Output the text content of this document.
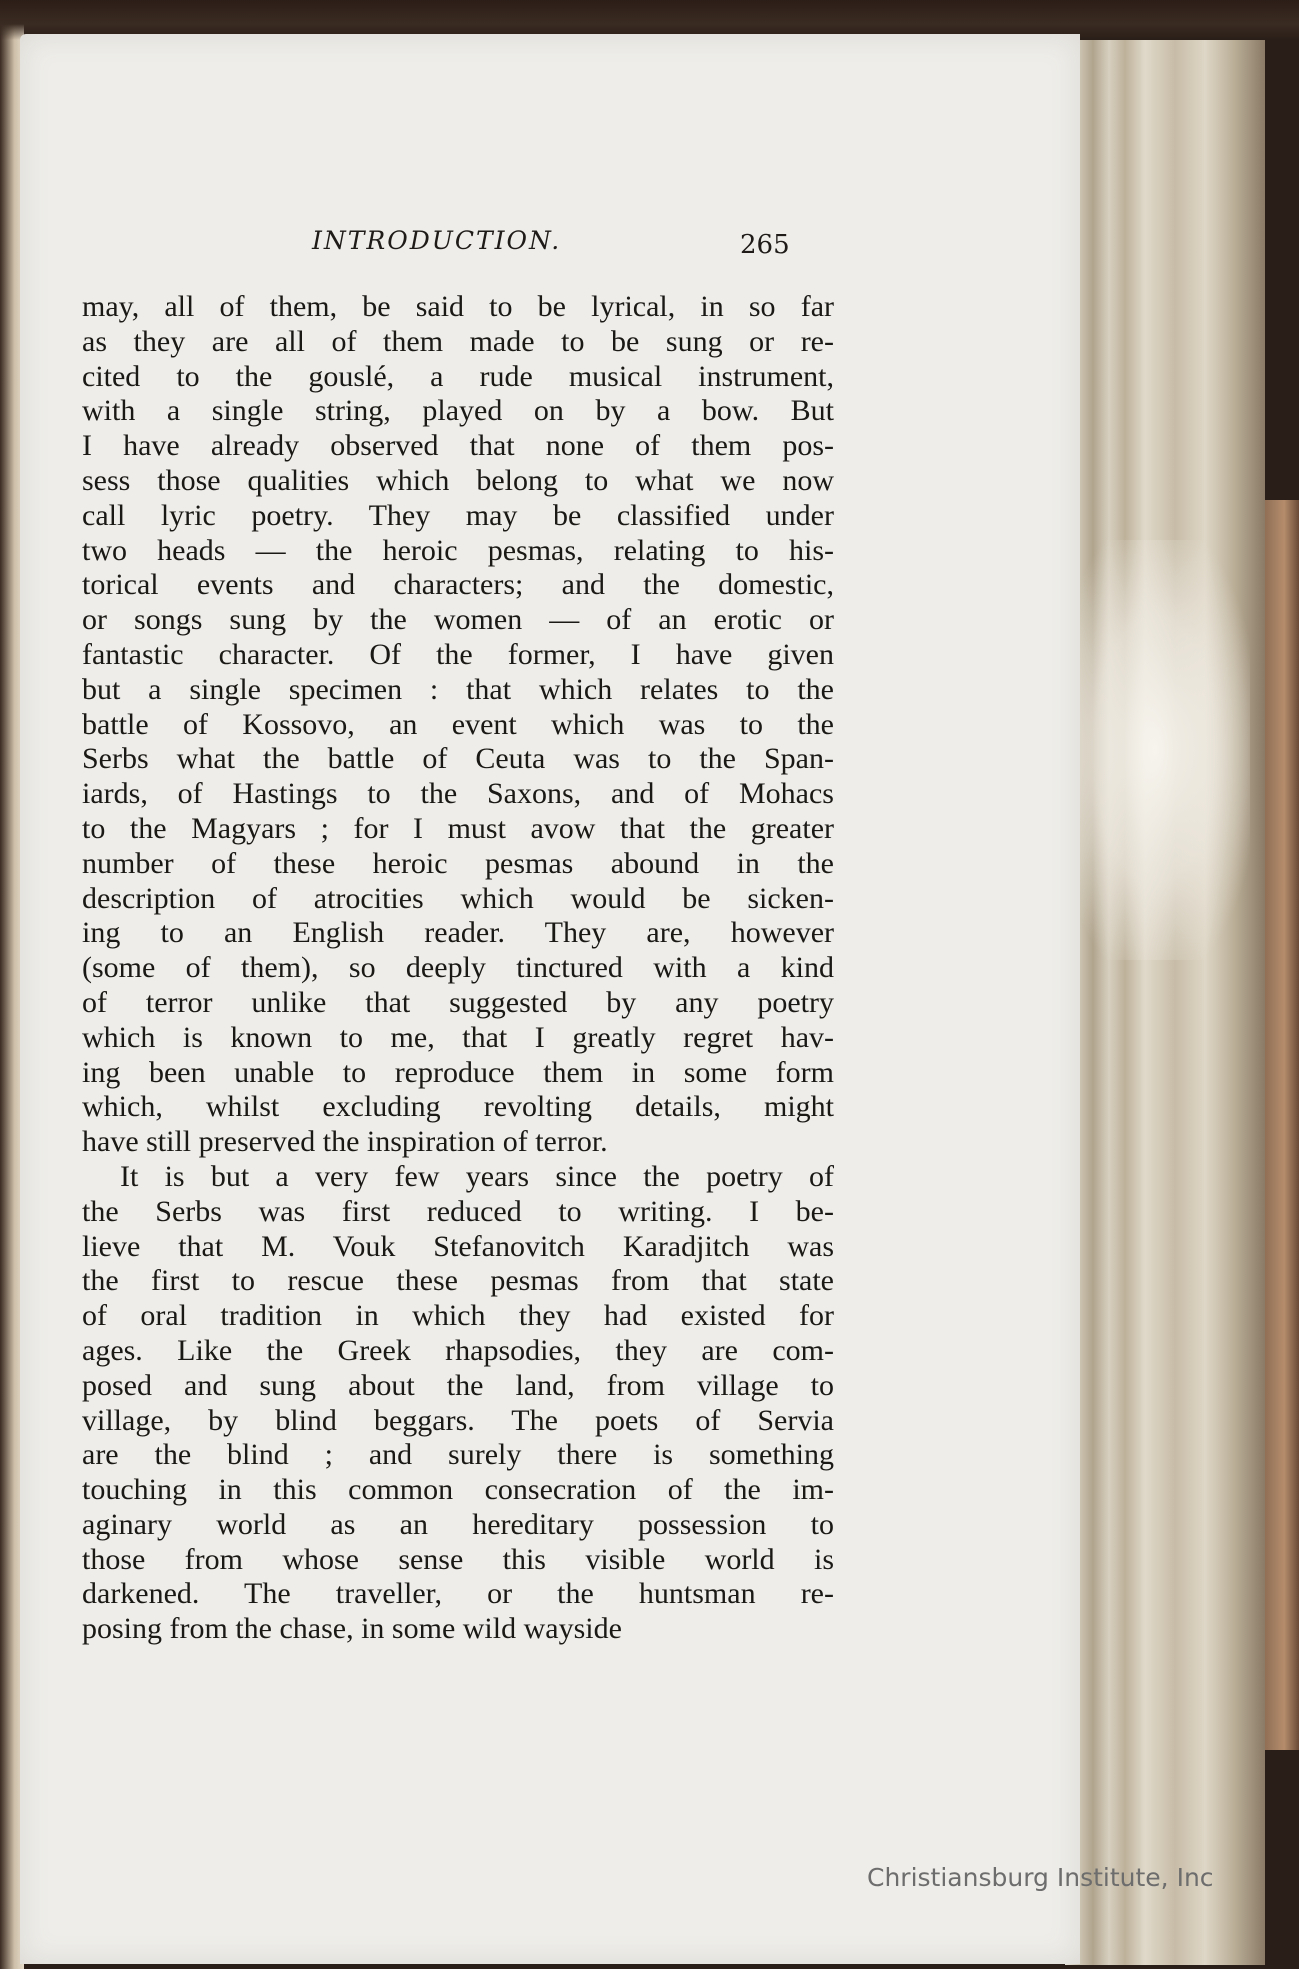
INTRODUCTION.	265
may, all of them, be said to be lyrical, in so far
as they are all of them made to be sung or re-
cited to the gouslé, a rude musical instrument,
with a single string, played on by a bow. But
I have already observed that none of them pos-
sess those qualities which belong to what we now
call lyric poetry. They may be classified under
two heads — the heroic pesmas, relating to his-
torical events and characters; and the domestic,
or songs sung by the women — of an erotic or
fantastic character. Of the former, I have given
but a single specimen : that which relates to the
battle of Kossovo, an event which was to the
Serbs what the battle of Ceuta was to the Span-
iards, of Hastings to the Saxons, and of Mohacs
to the Magyars ; for I must avow that the greater
number of these heroic pesmas abound in the
description of atrocities which would be sicken-
ing to an English reader. They are, however
(some of them), so deeply tinctured with a kind
of terror unlike that suggested by any poetry
which is known to me, that I greatly regret hav-
ing been unable to reproduce them in some form
which, whilst excluding revolting details, might
have still preserved the inspiration of terror.
It is but a very few years since the poetry of
the Serbs was first reduced to writing. I be-
lieve that M. Vouk Stefanovitch Karadjitch was
the first to rescue these pesmas from that state
of oral tradition in which they had existed for
ages. Like the Greek rhapsodies, they are com-
posed and sung about the land, from village to
village, by blind beggars. The poets of Servia
are the blind ; and surely there is something
touching in this common consecration of the im-
aginary world as an hereditary possession to
those from whose sense this visible world is
darkened. The traveller, or the huntsman re-
posing from the chase, in some wild wayside
Christiansburg Institute, Inc
